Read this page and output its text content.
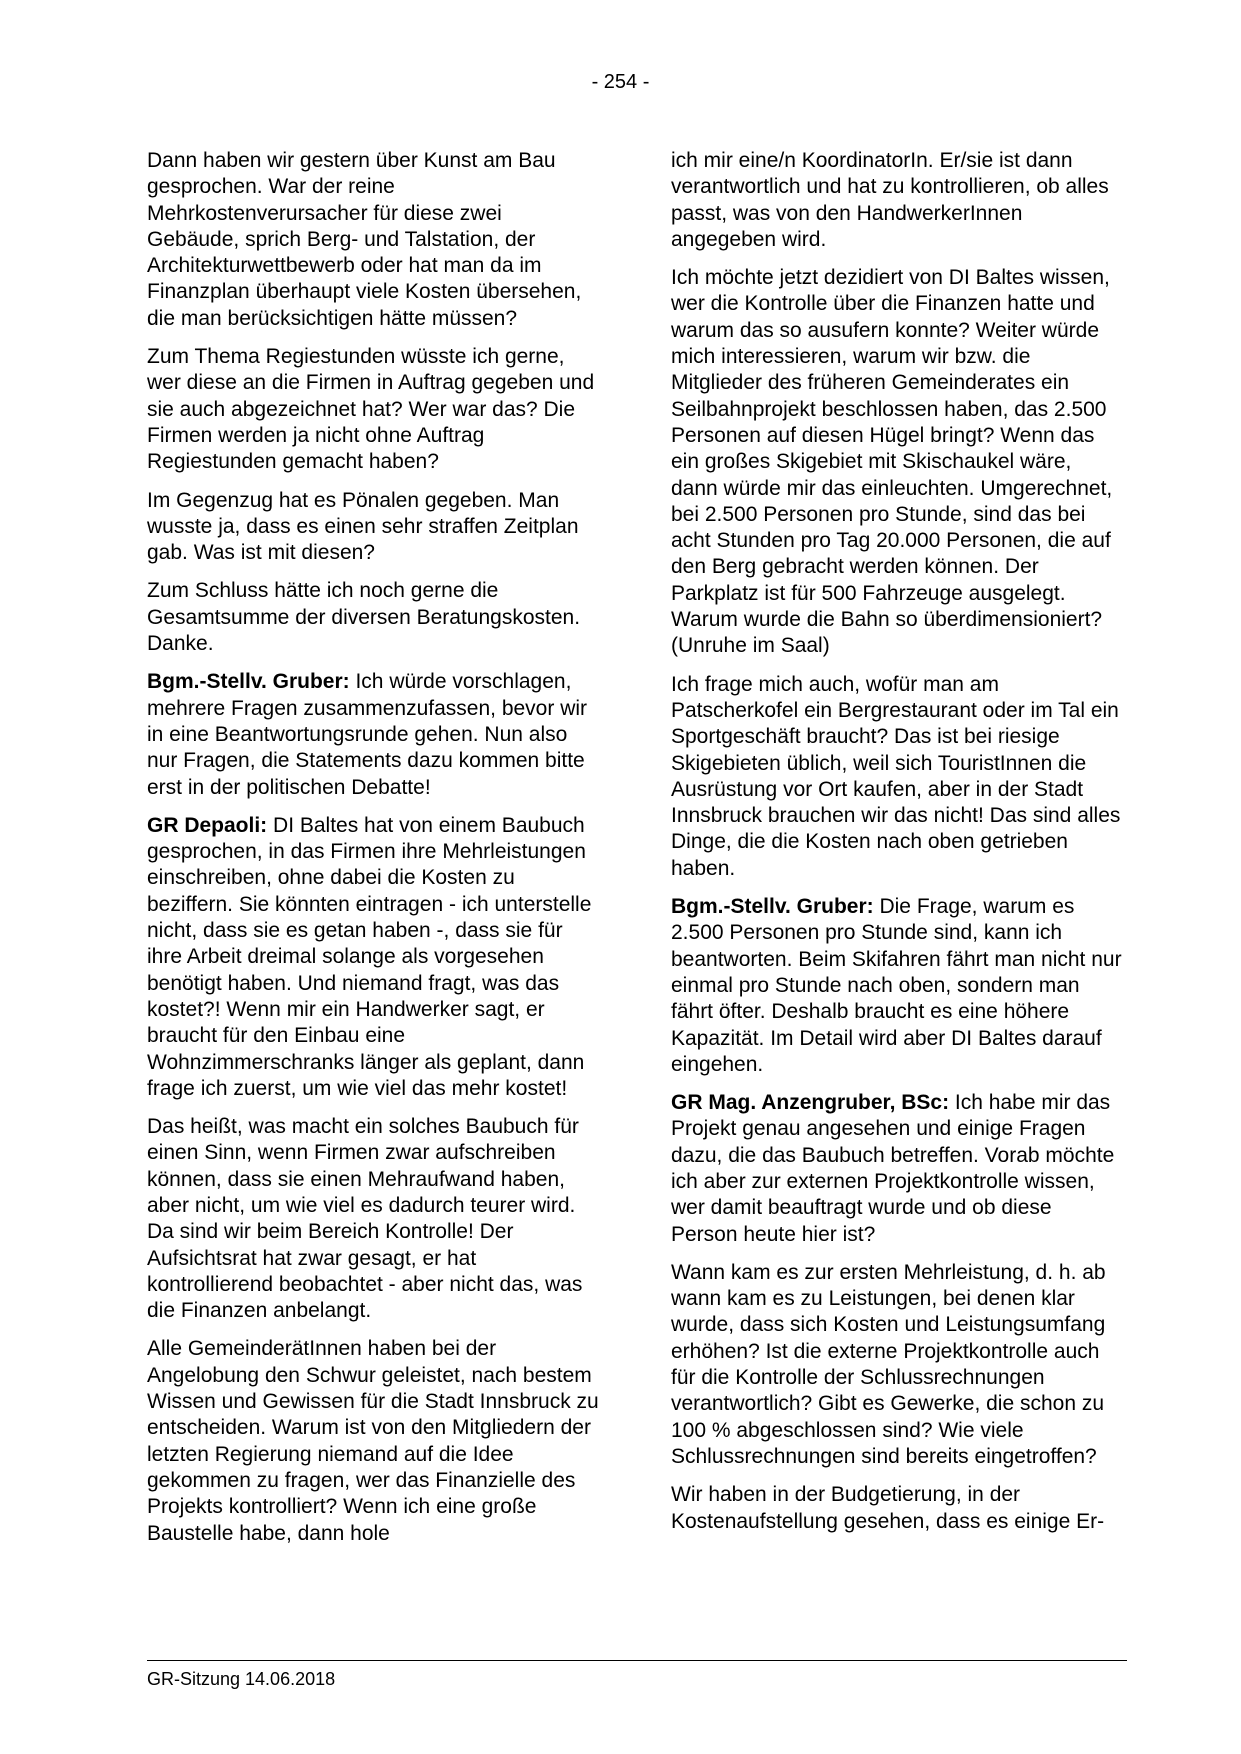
- 254 -

Dann haben wir gestern über Kunst am Bau gesprochen. War der reine Mehrkostenverursacher für diese zwei Gebäude, sprich Berg- und Talstation, der Architekturwettbewerb oder hat man da im Finanzplan überhaupt viele Kosten übersehen, die man berücksichtigen hätte müssen?

Zum Thema Regiestunden wüsste ich gerne, wer diese an die Firmen in Auftrag gegeben und sie auch abgezeichnet hat? Wer war das? Die Firmen werden ja nicht ohne Auftrag Regiestunden gemacht haben?

Im Gegenzug hat es Pönalen gegeben. Man wusste ja, dass es einen sehr straffen Zeitplan gab. Was ist mit diesen?

Zum Schluss hätte ich noch gerne die Gesamtsumme der diversen Beratungskosten. Danke.

Bgm.-Stellv. Gruber: Ich würde vorschlagen, mehrere Fragen zusammenzufassen, bevor wir in eine Beantwortungsrunde gehen. Nun also nur Fragen, die Statements dazu kommen bitte erst in der politischen Debatte!

GR Depaoli: DI Baltes hat von einem Baubuch gesprochen, in das Firmen ihre Mehrleistungen einschreiben, ohne dabei die Kosten zu beziffern. Sie könnten eintragen - ich unterstelle nicht, dass sie es getan haben -, dass sie für ihre Arbeit dreimal solange als vorgesehen benötigt haben. Und niemand fragt, was das kostet?! Wenn mir ein Handwerker sagt, er braucht für den Einbau eine Wohnzimmerschranks länger als geplant, dann frage ich zuerst, um wie viel das mehr kostet!

Das heißt, was macht ein solches Baubuch für einen Sinn, wenn Firmen zwar aufschreiben können, dass sie einen Mehraufwand haben, aber nicht, um wie viel es dadurch teurer wird. Da sind wir beim Bereich Kontrolle! Der Aufsichtsrat hat zwar gesagt, er hat kontrollierend beobachtet - aber nicht das, was die Finanzen anbelangt.

Alle GemeinderätInnen haben bei der Angelobung den Schwur geleistet, nach bestem Wissen und Gewissen für die Stadt Innsbruck zu entscheiden. Warum ist von den Mitgliedern der letzten Regierung niemand auf die Idee gekommen zu fragen, wer das Finanzielle des Projekts kontrolliert? Wenn ich eine große Baustelle habe, dann hole

ich mir eine/n KoordinatorIn. Er/sie ist dann verantwortlich und hat zu kontrollieren, ob alles passt, was von den HandwerkerInnen angegeben wird.

Ich möchte jetzt dezidiert von DI Baltes wissen, wer die Kontrolle über die Finanzen hatte und warum das so ausufern konnte? Weiter würde mich interessieren, warum wir bzw. die Mitglieder des früheren Gemeinderates ein Seilbahnprojekt beschlossen haben, das 2.500 Personen auf diesen Hügel bringt? Wenn das ein großes Skigebiet mit Skischaukel wäre, dann würde mir das einleuchten. Umgerechnet, bei 2.500 Personen pro Stunde, sind das bei acht Stunden pro Tag 20.000 Personen, die auf den Berg gebracht werden können. Der Parkplatz ist für 500 Fahrzeuge ausgelegt. Warum wurde die Bahn so überdimensioniert? (Unruhe im Saal)

Ich frage mich auch, wofür man am Patscherkofel ein Bergrestaurant oder im Tal ein Sportgeschäft braucht? Das ist bei riesige Skigebieten üblich, weil sich TouristInnen die Ausrüstung vor Ort kaufen, aber in der Stadt Innsbruck brauchen wir das nicht! Das sind alles Dinge, die die Kosten nach oben getrieben haben.

Bgm.-Stellv. Gruber: Die Frage, warum es 2.500 Personen pro Stunde sind, kann ich beantworten. Beim Skifahren fährt man nicht nur einmal pro Stunde nach oben, sondern man fährt öfter. Deshalb braucht es eine höhere Kapazität. Im Detail wird aber DI Baltes darauf eingehen.

GR Mag. Anzengruber, BSc: Ich habe mir das Projekt genau angesehen und einige Fragen dazu, die das Baubuch betreffen. Vorab möchte ich aber zur externen Projektkontrolle wissen, wer damit beauftragt wurde und ob diese Person heute hier ist?

Wann kam es zur ersten Mehrleistung, d. h. ab wann kam es zu Leistungen, bei denen klar wurde, dass sich Kosten und Leistungsumfang erhöhen? Ist die externe Projektkontrolle auch für die Kontrolle der Schlussrechnungen verantwortlich? Gibt es Gewerke, die schon zu 100 % abgeschlossen sind? Wie viele Schlussrechnungen sind bereits eingetroffen?

Wir haben in der Budgetierung, in der Kostenaufstellung gesehen, dass es einige Er-

GR-Sitzung 14.06.2018
